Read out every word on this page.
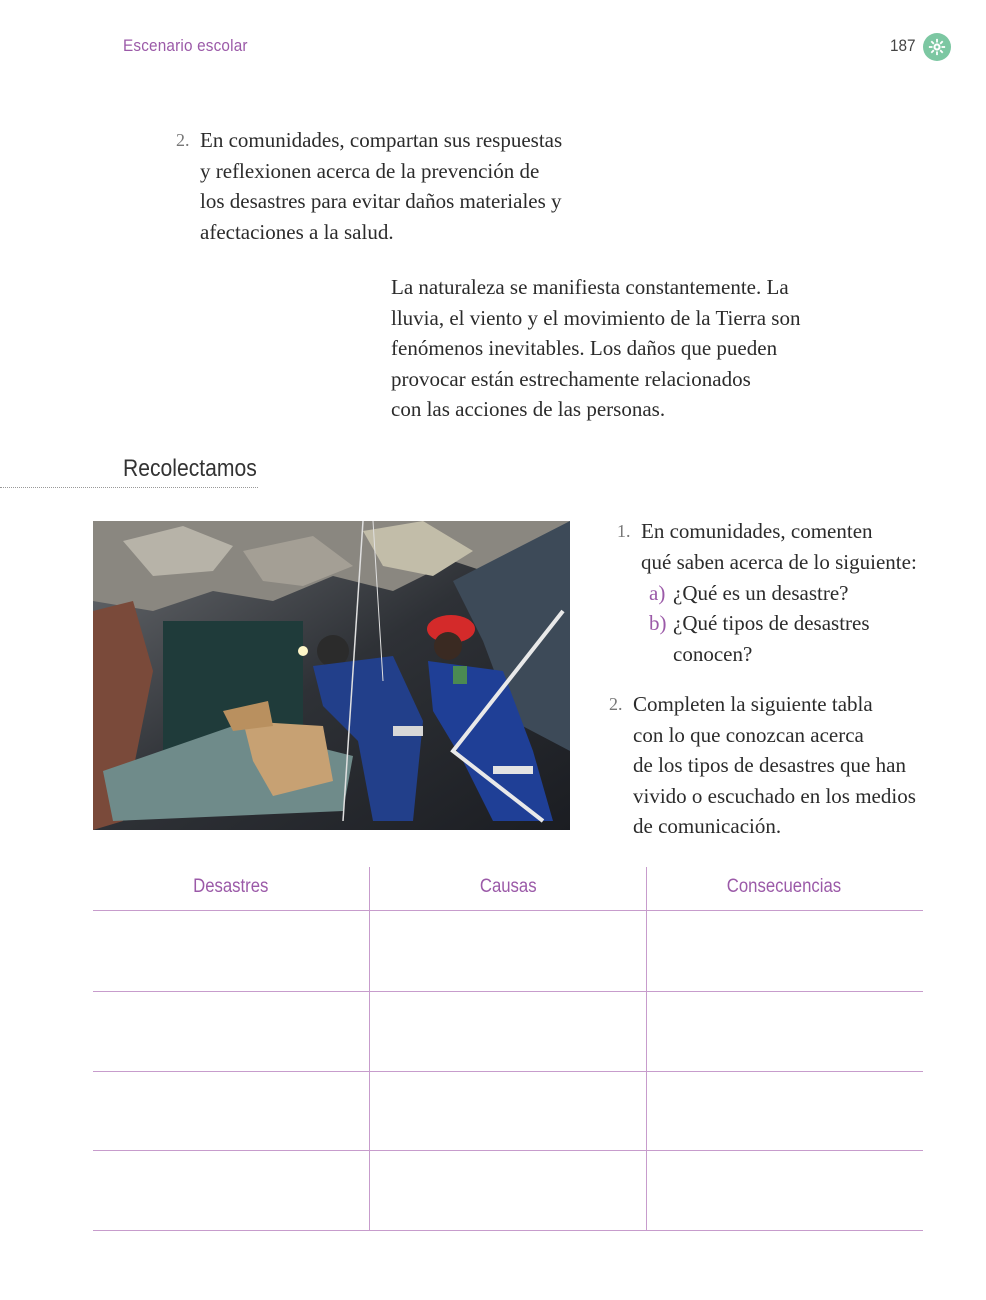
Escenario escolar	187
2. En comunidades, compartan sus respuestas
y reflexionen acerca de la prevención de
los desastres para evitar daños materiales y
afectaciones a la salud.
La naturaleza se manifiesta constantemente. La
lluvia, el viento y el movimiento de la Tierra son
fenómenos inevitables. Los daños que pueden
provocar están estrechamente relacionados
con las acciones de las personas.
Recolectamos
1. En comunidades, comenten
qué saben acerca de lo siguiente:
a) ¿Qué es un desastre?
b) ¿Qué tipos de desastres
conocen?
2. Completen la siguiente tabla
con lo que conozcan acerca
de los tipos de desastres que han
vivido o escuchado en los medios
de comunicación.
Desastres	Causas	Consecuencias
